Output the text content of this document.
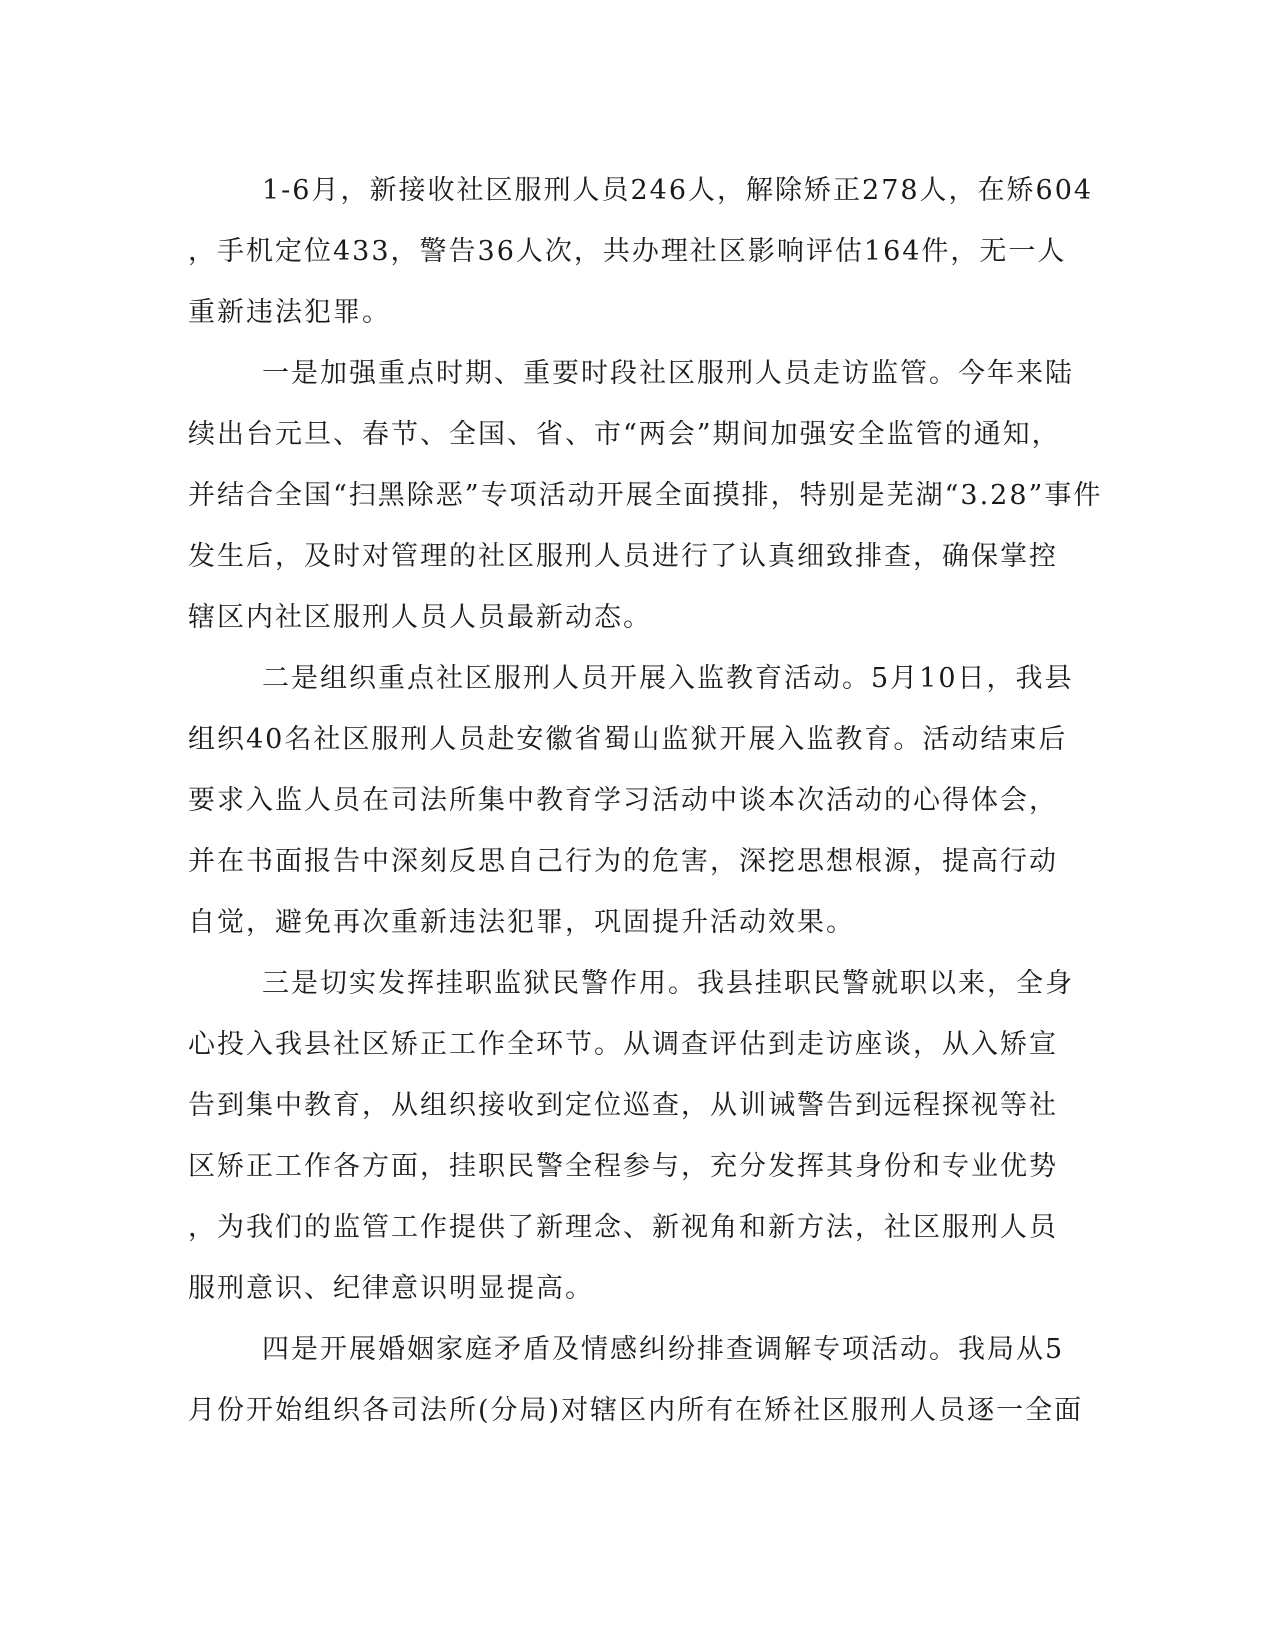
1-6月，新接收社区服刑人员246人，解除矫正278人，在矫604
，手机定位433，警告36人次，共办理社区影响评估164件，无一人
重新违法犯罪。
一是加强重点时期、重要时段社区服刑人员走访监管。今年来陆
续出台元旦、春节、全国、省、市“两会”期间加强安全监管的通知，
并结合全国“扫黑除恶”专项活动开展全面摸排，特别是芜湖“3.28”事件
发生后，及时对管理的社区服刑人员进行了认真细致排查，确保掌控
辖区内社区服刑人员人员最新动态。
二是组织重点社区服刑人员开展入监教育活动。5月10日，我县
组织40名社区服刑人员赴安徽省蜀山监狱开展入监教育。活动结束后
要求入监人员在司法所集中教育学习活动中谈本次活动的心得体会，
并在书面报告中深刻反思自己行为的危害，深挖思想根源，提高行动
自觉，避免再次重新违法犯罪，巩固提升活动效果。
三是切实发挥挂职监狱民警作用。我县挂职民警就职以来，全身
心投入我县社区矫正工作全环节。从调查评估到走访座谈，从入矫宣
告到集中教育，从组织接收到定位巡查，从训诫警告到远程探视等社
区矫正工作各方面，挂职民警全程参与，充分发挥其身份和专业优势
，为我们的监管工作提供了新理念、新视角和新方法，社区服刑人员
服刑意识、纪律意识明显提高。
四是开展婚姻家庭矛盾及情感纠纷排查调解专项活动。我局从5
月份开始组织各司法所(分局)对辖区内所有在矫社区服刑人员逐一全面
